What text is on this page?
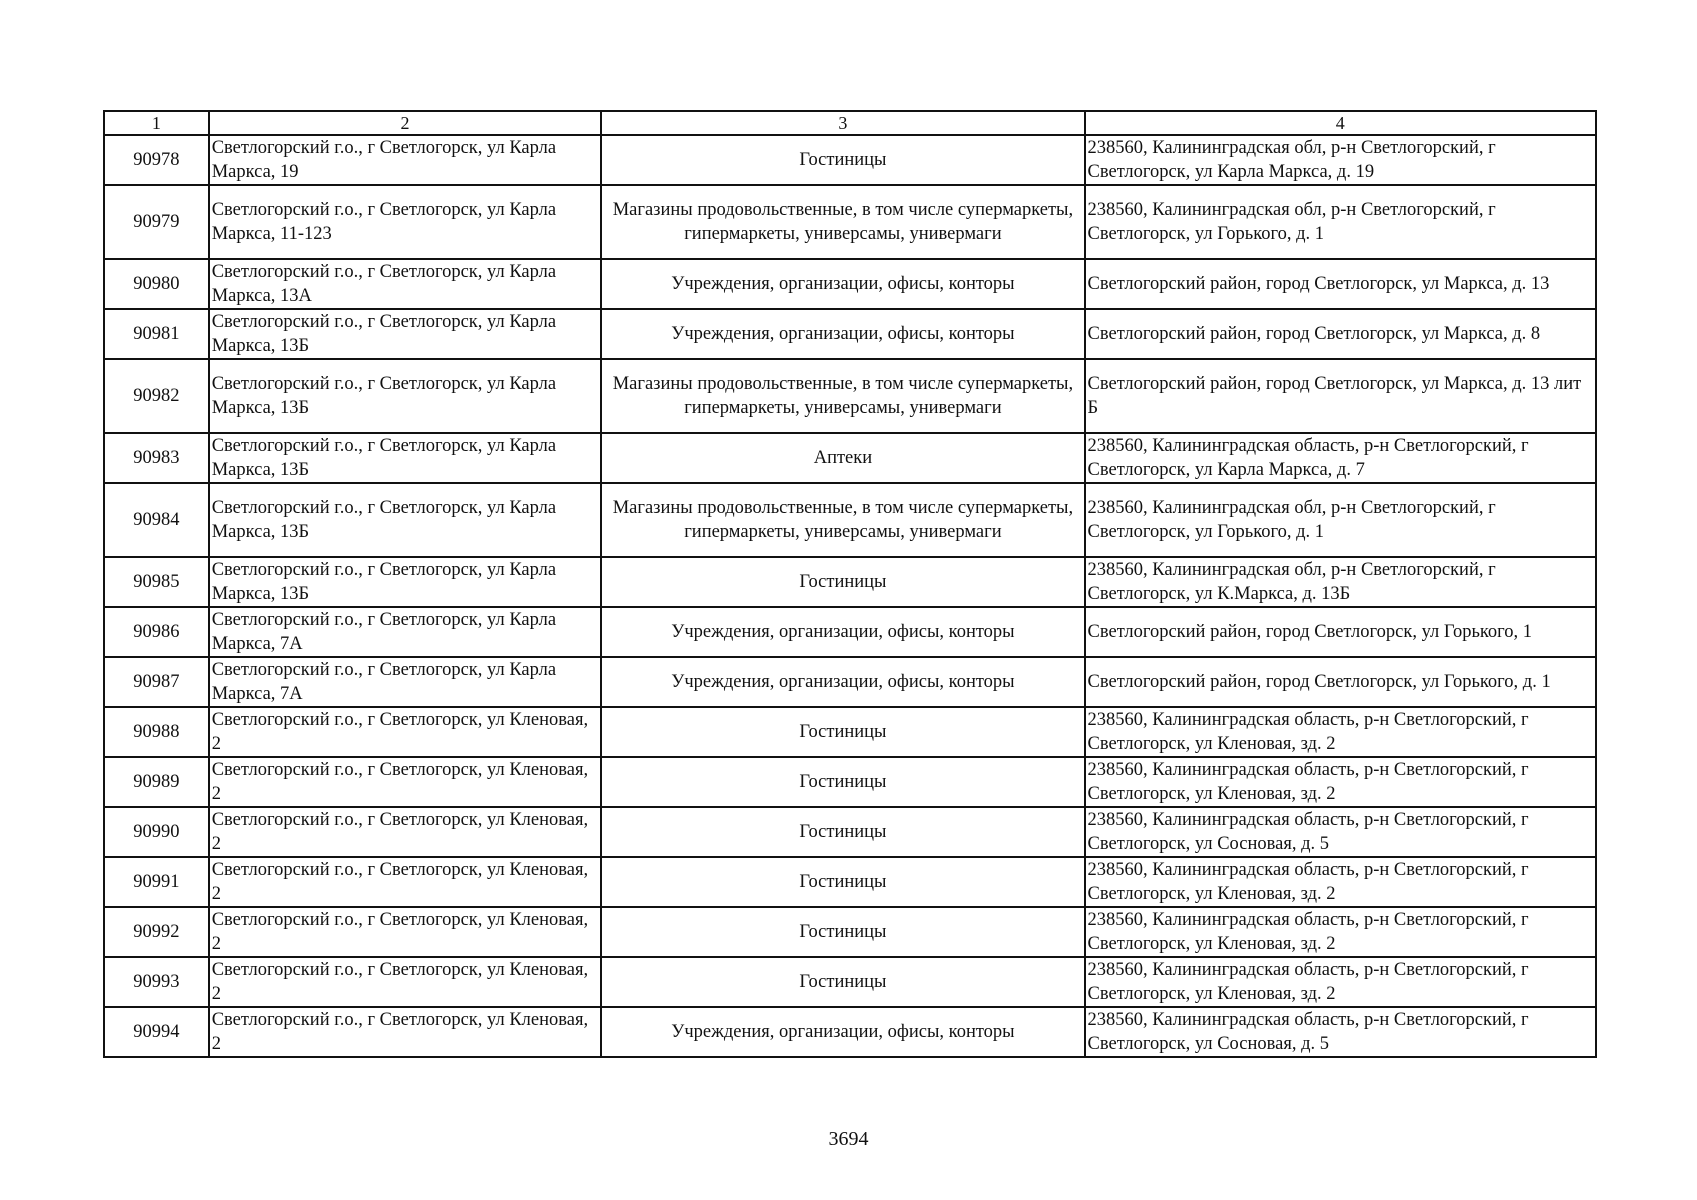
1	2	3	4
90978	Светлогорский г.о., г Светлогорск, ул Карла Маркса, 19	Гостиницы	238560, Калининградская обл, р-н Светлогорский, г Светлогорск, ул Карла Маркса, д. 19
90979	Светлогорский г.о., г Светлогорск, ул Карла Маркса, 11-123	Магазины продовольственные, в том числе супермаркеты, гипермаркеты, универсамы, универмаги	238560, Калининградская обл, р-н Светлогорский, г Светлогорск, ул Горького, д. 1
90980	Светлогорский г.о., г Светлогорск, ул Карла Маркса, 13А	Учреждения, организации, офисы, конторы	Светлогорский район, город Светлогорск, ул Маркса, д. 13
90981	Светлогорский г.о., г Светлогорск, ул Карла Маркса, 13Б	Учреждения, организации, офисы, конторы	Светлогорский район, город Светлогорск, ул Маркса, д. 8
90982	Светлогорский г.о., г Светлогорск, ул Карла Маркса, 13Б	Магазины продовольственные, в том числе супермаркеты, гипермаркеты, универсамы, универмаги	Светлогорский район, город Светлогорск, ул Маркса, д. 13 лит Б
90983	Светлогорский г.о., г Светлогорск, ул Карла Маркса, 13Б	Аптеки	238560, Калининградская область, р-н Светлогорский, г Светлогорск, ул Карла Маркса, д. 7
90984	Светлогорский г.о., г Светлогорск, ул Карла Маркса, 13Б	Магазины продовольственные, в том числе супермаркеты, гипермаркеты, универсамы, универмаги	238560, Калининградская обл, р-н Светлогорский, г Светлогорск, ул Горького, д. 1
90985	Светлогорский г.о., г Светлогорск, ул Карла Маркса, 13Б	Гостиницы	238560, Калининградская обл, р-н Светлогорский, г Светлогорск, ул К.Маркса, д. 13Б
90986	Светлогорский г.о., г Светлогорск, ул Карла Маркса, 7А	Учреждения, организации, офисы, конторы	Светлогорский район, город Светлогорск, ул Горького, 1
90987	Светлогорский г.о., г Светлогорск, ул Карла Маркса, 7А	Учреждения, организации, офисы, конторы	Светлогорский район, город Светлогорск, ул Горького, д. 1
90988	Светлогорский г.о., г Светлогорск, ул Кленовая, 2	Гостиницы	238560, Калининградская область, р-н Светлогорский, г Светлогорск, ул Кленовая, зд. 2
90989	Светлогорский г.о., г Светлогорск, ул Кленовая, 2	Гостиницы	238560, Калининградская область, р-н Светлогорский, г Светлогорск, ул Кленовая, зд. 2
90990	Светлогорский г.о., г Светлогорск, ул Кленовая, 2	Гостиницы	238560, Калининградская область, р-н Светлогорский, г Светлогорск, ул Сосновая, д. 5
90991	Светлогорский г.о., г Светлогорск, ул Кленовая, 2	Гостиницы	238560, Калининградская область, р-н Светлогорский, г Светлогорск, ул Кленовая, зд. 2
90992	Светлогорский г.о., г Светлогорск, ул Кленовая, 2	Гостиницы	238560, Калининградская область, р-н Светлогорский, г Светлогорск, ул Кленовая, зд. 2
90993	Светлогорский г.о., г Светлогорск, ул Кленовая, 2	Гостиницы	238560, Калининградская область, р-н Светлогорский, г Светлогорск, ул Кленовая, зд. 2
90994	Светлогорский г.о., г Светлогорск, ул Кленовая, 2	Учреждения, организации, офисы, конторы	238560, Калининградская область, р-н Светлогорский, г Светлогорск, ул Сосновая, д. 5
3694
